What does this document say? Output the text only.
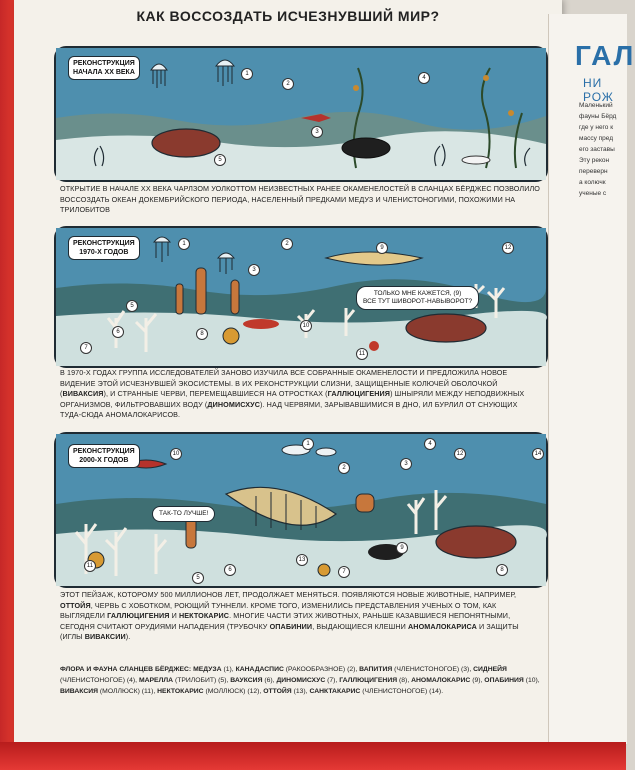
КАК ВОССОЗДАТЬ ИСЧЕЗНУВШИЙ МИР?
РЕКОНСТРУКЦИЯ
НАЧАЛА XX ВЕКА	1
2
3
4
5
ОТКРЫТИЕ В НАЧАЛЕ XX ВЕКА ЧАРЛЗОМ УОЛКОТТОМ НЕИЗВЕСТНЫХ РАНЕЕ ОКАМЕНЕЛОСТЕЙ В СЛАНЦАХ БЁРДЖЕС ПОЗВОЛИЛО ВОССОЗДАТЬ ОКЕАН ДОКЕМБРИЙСКОГО ПЕРИОДА, НАСЕЛЕННЫЙ ПРЕДКАМИ МЕДУЗ И ЧЛЕНИСТОНОГИМИ, ПОХОЖИМИ НА ТРИЛОБИТОВ
РЕКОНСТРУКЦИЯ
1970-Х ГОДОВ
ТОЛЬКО МНЕ КАЖЕТСЯ, (9)
ВСЕ ТУТ ШИВОРОТ-НАВЫВОРОТ?
1	2
3
9	12
5
6
7
8
10
11
В 1970-Х ГОДАХ ГРУППА ИССЛЕДОВАТЕЛЕЙ ЗАНОВО ИЗУЧИЛА ВСЕ СОБРАННЫЕ ОКАМЕНЕЛОСТИ И ПРЕДЛОЖИЛА НОВОЕ ВИДЕНИЕ ЭТОЙ ИСЧЕЗНУВШЕЙ ЭКОСИСТЕМЫ. В ИХ РЕКОНСТРУКЦИИ СЛИЗНИ, ЗАЩИЩЕННЫЕ КОЛЮЧЕЙ ОБОЛОЧКОЙ (ВИВАКСИЯ), И СТРАННЫЕ ЧЕРВИ, ПЕРЕМЕЩАВШИЕСЯ НА ОТРОСТКАХ (ГАЛЛЮЦИГЕНИЯ) ШНЫРЯЛИ МЕЖДУ НЕПОДВИЖНЫХ ОРГАНИЗМОВ, ФИЛЬТРОВАВШИХ ВОДУ (ДИНОМИСХУС). НАД ЧЕРВЯМИ, ЗАРЫВАВШИМИСЯ В ДНО, ИЛ БУРЛИЛ ОТ СНУЮЩИХ ТУДА-СЮДА АНОМАЛОКАРИСОВ.
РЕКОНСТРУКЦИЯ
2000-Х ГОДОВ
ТАК-ТО ЛУЧШЕ!
1
2
3
4
10	12
13
14
6
5
7
9
11
8
ЭТОТ ПЕЙЗАЖ, КОТОРОМУ 500 МИЛЛИОНОВ ЛЕТ, ПРОДОЛЖАЕТ МЕНЯТЬСЯ. ПОЯВЛЯЮТСЯ НОВЫЕ ЖИВОТНЫЕ, НАПРИМЕР, ОТТОЙЯ, ЧЕРВЬ С ХОБОТКОМ, РОЮЩИЙ ТУННЕЛИ. КРОМЕ ТОГО, ИЗМЕНИЛИСЬ ПРЕДСТАВЛЕНИЯ УЧЕНЫХ О ТОМ, КАК ВЫГЛЯДЕЛИ ГАЛЛЮЦИГЕНИЯ И НЕКТОКАРИС. МНОГИЕ ЧАСТИ ЭТИХ ЖИВОТНЫХ, РАНЬШЕ КАЗАВШИЕСЯ НЕПОНЯТНЫМИ, СЕГОДНЯ СЧИТАЮТ ОРУДИЯМИ НАПАДЕНИЯ (ТРУБОЧКУ ОПАБИНИИ, ВЫДАЮЩИЕСЯ КЛЕШНИ АНОМАЛОКАРИСА И ЗАЩИТЫ (ИГЛЫ ВИВАКСИИ).
ФЛОРА И ФАУНА СЛАНЦЕВ БЁРДЖЕС: МЕДУЗА (1), КАНАДАСПИС (РАКООБРАЗНОЕ) (2), ВАПИТИЯ (ЧЛЕНИСТОНОГОЕ) (3), СИДНЕЙЯ (ЧЛЕНИСТОНОГОЕ) (4), МАРЕЛЛА (ТРИЛОБИТ) (5), ВАУКСИЯ (6), ДИНОМИСХУС (7), ГАЛЛЮЦИГЕНИЯ (8), АНОМАЛОКАРИС (9), ОПАБИНИЯ (10), ВИВАКСИЯ (МОЛЛЮСК) (11), НЕКТОКАРИС (МОЛЛЮСК) (12), ОТТОЙЯ (13), САНКТАКАРИС (ЧЛЕНИСТОНОГОЕ) (14).
ГАЛ
НИ РОЖ
Маленький
фауны Бёрд
где у него к
массу пред
его заставы
Эту рекон
переверн
а колючк
ученые с
